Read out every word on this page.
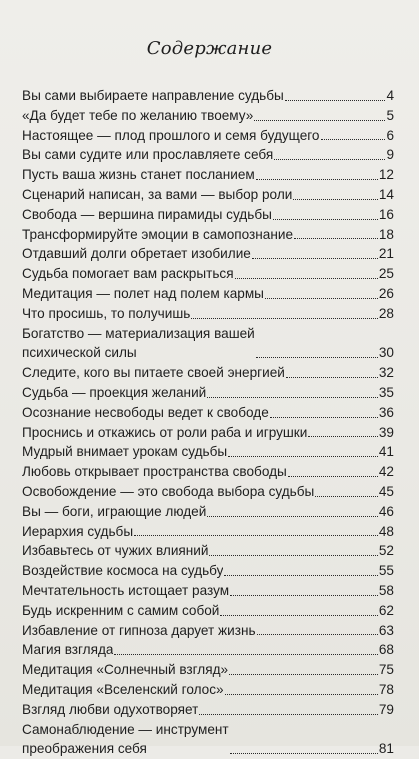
Содержание
Вы сами выбираете направление судьбы	4
«Да будет тебе по желанию твоему»	5
Настоящее — плод прошлого и семя будущего	6
Вы сами судите или прославляете себя	9
Пусть ваша жизнь станет посланием	12
Сценарий написан, за вами — выбор роли	14
Свобода — вершина пирамиды судьбы	16
Трансформируйте эмоции в самопознание	18
Отдавший долги обретает изобилие	21
Судьба помогает вам раскрыться	25
Медитация — полет над полем кармы	26
Что просишь, то получишь	28
Богатство — материализация вашей
психической силы	30
Следите, кого вы питаете своей энергией	32
Судьба — проекция желаний	35
Осознание несвободы ведет к свободе	36
Проснись и откажись от роли раба и игрушки	39
Мудрый внимает урокам судьбы	41
Любовь открывает пространства свободы	42
Освобождение — это свобода выбора судьбы	45
Вы — боги, играющие людей	46
Иерархия судьбы	48
Избавьтесь от чужих влияний	52
Воздействие космоса на судьбу	55
Мечтательность истощает разум	58
Будь искренним с самим собой	62
Избавление от гипноза дарует жизнь	63
Магия взгляда	68
Медитация «Солнечный взгляд»	75
Медитация «Вселенский голос»	78
Взгляд любви одухотворяет	79
Самонаблюдение — инструмент
преображения себя	81
